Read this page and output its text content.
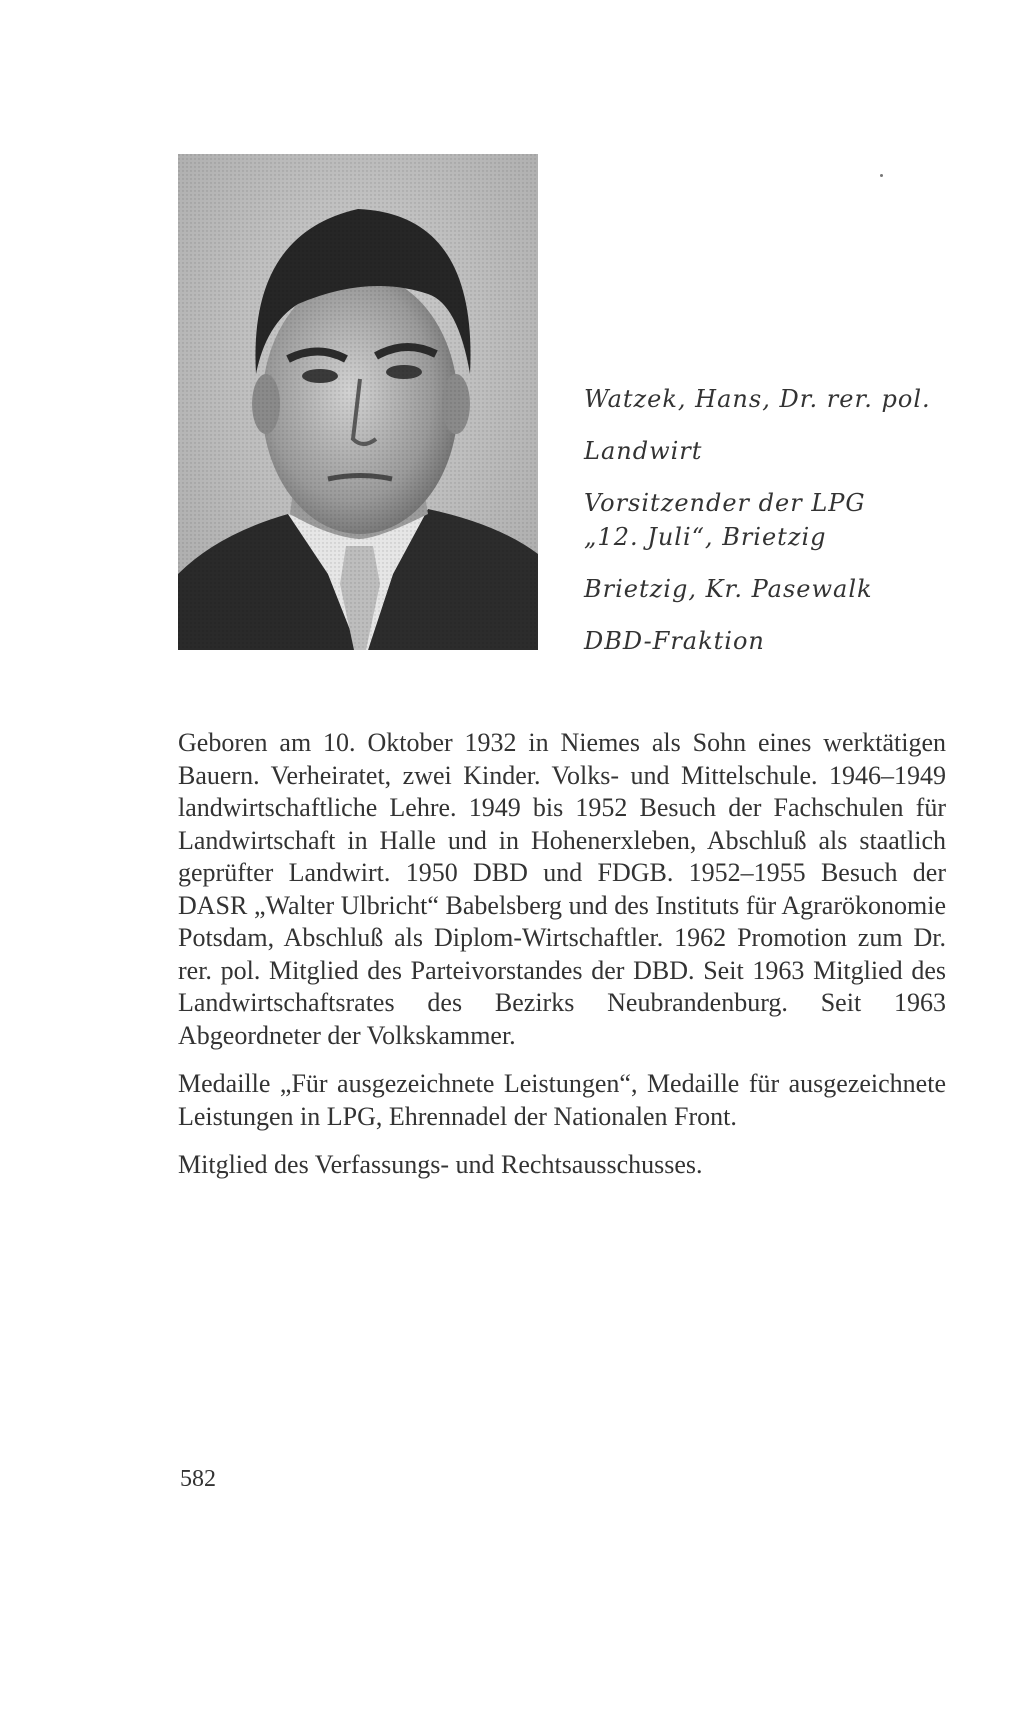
Watzek, Hans, Dr. rer. pol.
Landwirt
Vorsitzender der LPG
„12. Juli“, Brietzig
Brietzig, Kr. Pasewalk
DBD-Fraktion

Geboren am 10. Oktober 1932 in Niemes als Sohn eines werktätigen Bauern. Verheiratet, zwei Kinder. Volks- und Mittelschule. 1946–1949 landwirtschaftliche Lehre. 1949 bis 1952 Besuch der Fachschulen für Landwirtschaft in Halle und in Hohenerxleben, Abschluß als staatlich geprüfter Landwirt. 1950 DBD und FDGB. 1952–1955 Besuch der DASR „Walter Ulbricht“ Babelsberg und des Instituts für Agrarökonomie Potsdam, Abschluß als Diplom-Wirtschaftler. 1962 Promotion zum Dr. rer. pol. Mitglied des Parteivorstandes der DBD. Seit 1963 Mitglied des Landwirtschaftsrates des Bezirks Neubrandenburg. Seit 1963 Abgeordneter der Volkskammer.

Medaille „Für ausgezeichnete Leistungen“, Medaille für ausgezeichnete Leistungen in LPG, Ehrennadel der Nationalen Front.

Mitglied des Verfassungs- und Rechtsausschusses.

582
